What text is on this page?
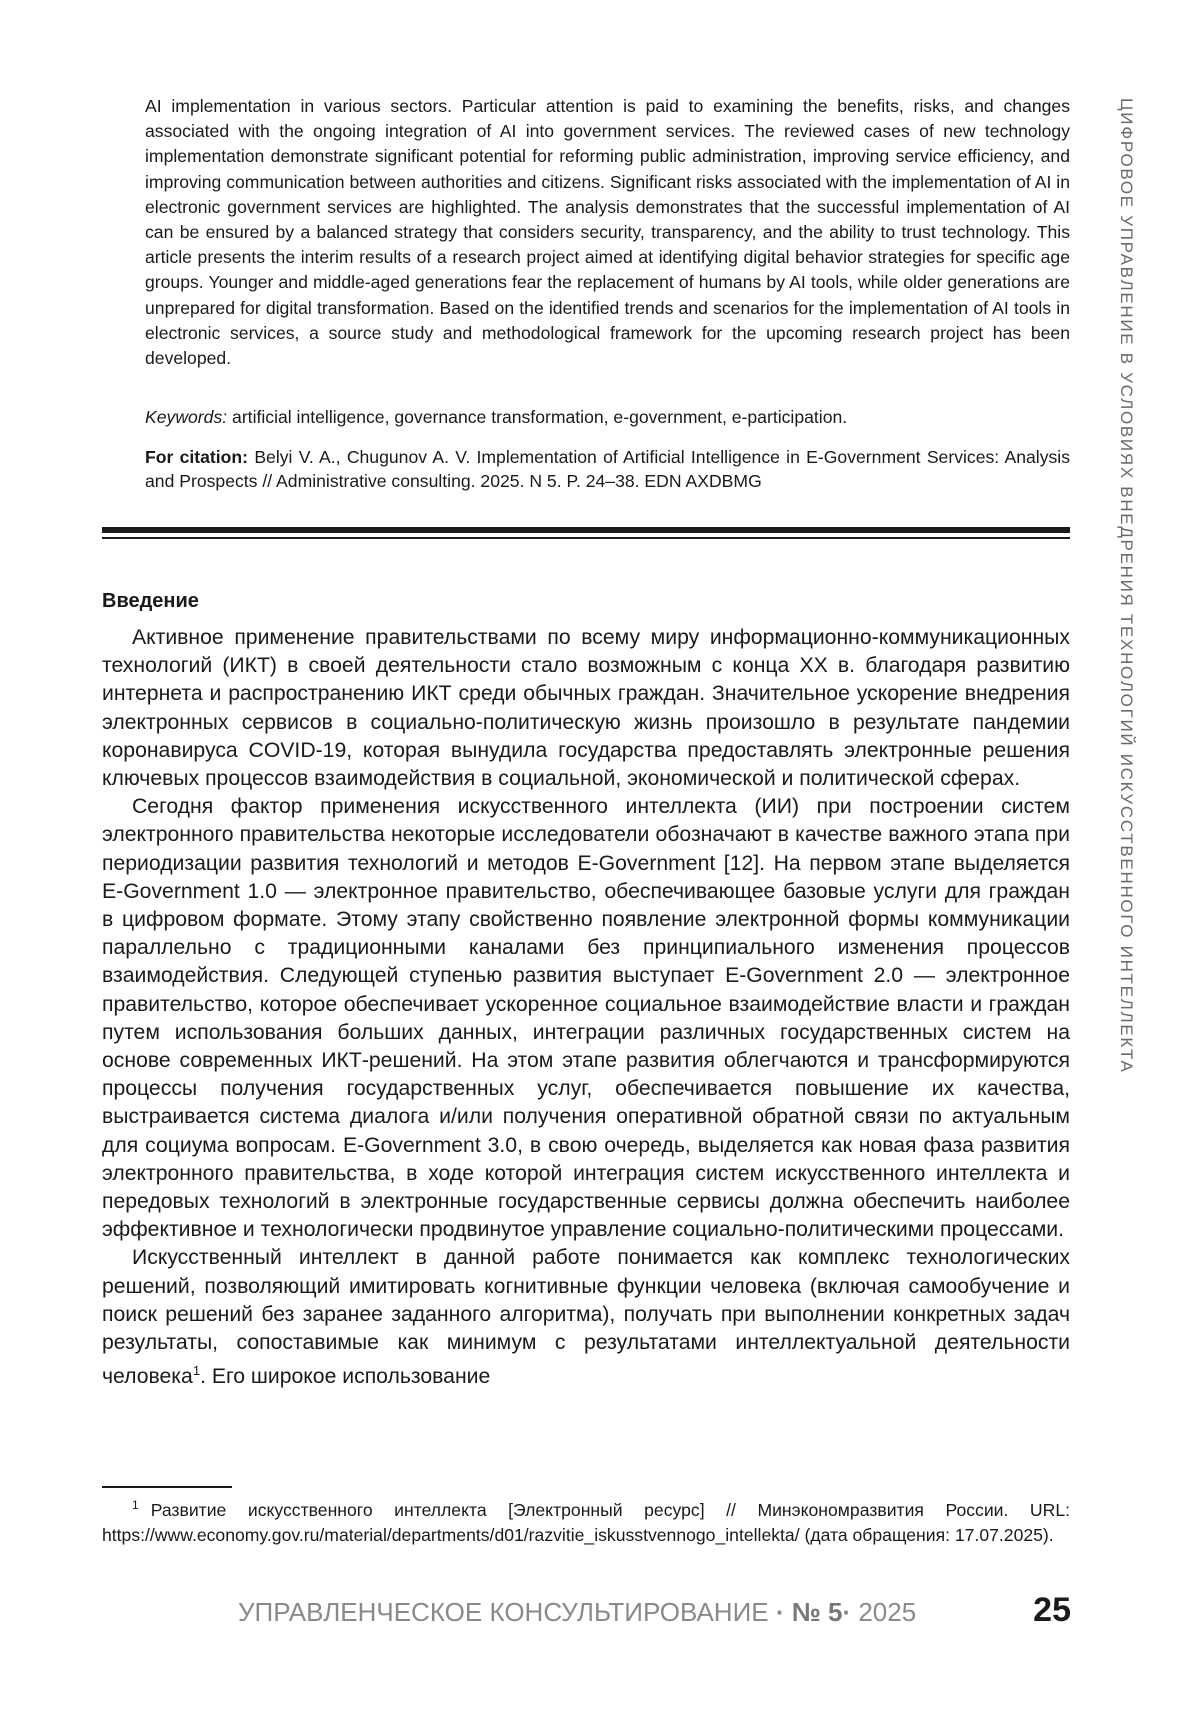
AI implementation in various sectors. Particular attention is paid to examining the benefits, risks, and changes associated with the ongoing integration of AI into government services. The reviewed cases of new technology implementation demonstrate significant potential for reforming public administration, improving service efficiency, and improving communication between authorities and citizens. Significant risks associated with the implementation of AI in electronic government services are highlighted. The analysis demonstrates that the successful implementation of AI can be ensured by a balanced strategy that considers security, transparency, and the ability to trust technology. This article presents the interim results of a research project aimed at identifying digital behavior strategies for specific age groups. Younger and middle-aged generations fear the replacement of humans by AI tools, while older generations are unprepared for digital transformation. Based on the identified trends and scenarios for the implementation of AI tools in electronic services, a source study and methodological framework for the upcoming research project has been developed.

Keywords: artificial intelligence, governance transformation, e-government, e-participation.

For citation: Belyi V. A., Chugunov A. V. Implementation of Artificial Intelligence in E-Government Services: Analysis and Prospects // Administrative consulting. 2025. N 5. P. 24–38. EDN AXDBMG	ЦИФРОВОЕ УПРАВЛЕНИЕ В УСЛОВИЯХ ВНЕДРЕНИЯ ТЕХНОЛОГИЙ ИСКУССТВЕННОГО ИНТЕЛЛЕКТА
Введение

Активное применение правительствами по всему миру информационно-коммуникационных технологий (ИКТ) в своей деятельности стало возможным с конца XX в. благодаря развитию интернета и распространению ИКТ среди обычных граждан. Значительное ускорение внедрения электронных сервисов в социально-политическую жизнь произошло в результате пандемии коронавируса COVID-19, которая вынудила государства предоставлять электронные решения ключевых процессов взаимодействия в социальной, экономической и политической сферах.

Сегодня фактор применения искусственного интеллекта (ИИ) при построении систем электронного правительства некоторые исследователи обозначают в качестве важного этапа при периодизации развития технологий и методов E-Government [12]. На первом этапе выделяется E-Government 1.0 — электронное правительство, обеспечивающее базовые услуги для граждан в цифровом формате. Этому этапу свойственно появление электронной формы коммуникации параллельно с традиционными каналами без принципиального изменения процессов взаимодействия. Следующей ступенью развития выступает E-Government 2.0 — электронное правительство, которое обеспечивает ускоренное социальное взаимодействие власти и граждан путем использования больших данных, интеграции различных государственных систем на основе современных ИКТ-решений. На этом этапе развития облегчаются и трансформируются процессы получения государственных услуг, обеспечивается повышение их качества, выстраивается система диалога и/или получения оперативной обратной связи по актуальным для социума вопросам. E-Government 3.0, в свою очередь, выделяется как новая фаза развития электронного правительства, в ходе которой интеграция систем искусственного интеллекта и передовых технологий в электронные государственные сервисы должна обеспечить наиболее эффективное и технологически продвинутое управление социально-политическими процессами.

Искусственный интеллект в данной работе понимается как комплекс технологических решений, позволяющий имитировать когнитивные функции человека (включая самообучение и поиск решений без заранее заданного алгоритма), получать при выполнении конкретных задач результаты, сопоставимые как минимум с результатами интеллектуальной деятельности человека$^1$. Его широкое использование

$^1$ Развитие искусственного интеллекта [Электронный ресурс] // Минэкономразвития России. URL: https://www.economy.gov.ru/material/departments/d01/razvitie_iskusstvennogo_intellekta/ (дата обращения: 17.07.2025).

УПРАВЛЕНЧЕСКОЕ КОНСУЛЬТИРОВАНИЕ · № 5· 2025	25
